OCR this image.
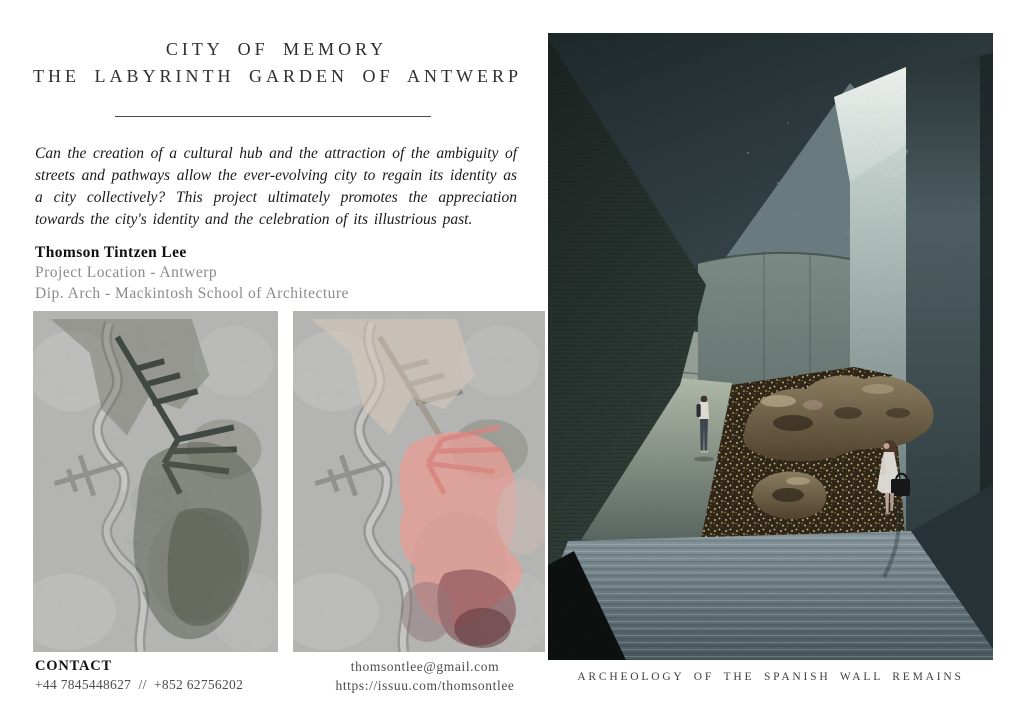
CITY OF MEMORY
THE LABYRINTH GARDEN OF ANTWERP

Can the creation of a cultural hub and the attraction of the ambiguity of streets and pathways allow the ever-evolving city to regain its identity as a city collectively? This project ultimately promotes the appreciation towards the city's identity and the celebration of its illustrious past.

Thomson Tintzen Lee
Project Location - Antwerp
Dip. Arch - Mackintosh School of Architecture
ARCHEOLOGY OF THE SPANISH WALL REMAINS
CONTACT
+44 7845448627  //  +852 62756202
thomsontlee@gmail.com
https://issuu.com/thomsontlee
